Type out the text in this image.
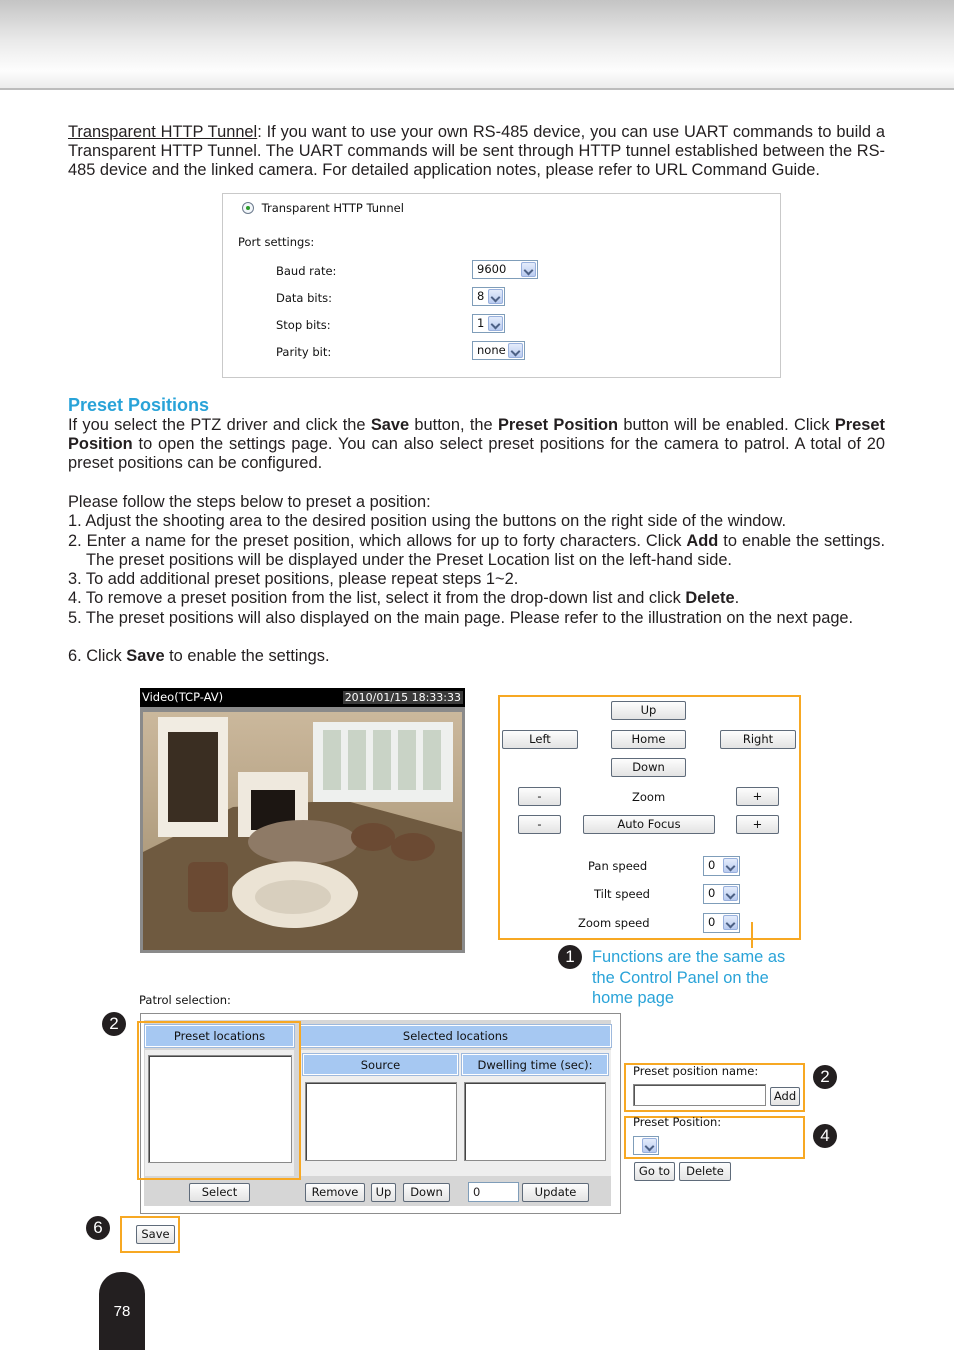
Transparent HTTP Tunnel: If you want to use your own RS-485 device, you can use UART commands to build a Transparent HTTP Tunnel. The UART commands will be sent through HTTP tunnel established between the RS-485 device and the linked camera. For detailed application notes, please refer to URL Command Guide.
Transparent HTTP Tunnel
Port settings:
Baud rate:	9600
Data bits:	8
Stop bits:	1
Parity bit:	none
Preset Positions
If you select the PTZ driver and click the Save button, the Preset Position button will be enabled. Click Preset Position to open the settings page. You can also select preset positions for the camera to patrol. A total of 20 preset positions can be configured.
Please follow the steps below to preset a position:
1. Adjust the shooting area to the desired position using the buttons on the right side of the window.
2. Enter a name for the preset position, which allows for up to forty characters. Click Add to enable the settings. The preset positions will be displayed under the Preset Location list on the left-hand side.
3. To add additional preset positions, please repeat steps 1~2.
4. To remove a preset position from the list, select it from the drop-down list and click Delete.
5. The preset positions will also displayed on the main page. Please refer to the illustration on the next page.
6. Click Save to enable the settings.
Video(TCP-AV)	2010/01/15 18:33:33
Up
Left	Home	Right
Down
-	Zoom	+
-	Auto Focus	+
Pan speed	0
Tilt speed	0
Zoom speed	0
1	Functions are the same as the Control Panel on the home page
Patrol selection:
Preset locations	Selected locations
Source	Dwelling time (sec):
Select	Remove	Up	Down	0	Update
2
Preset position name:
Add
2
Preset Position:
4
Go to	Delete
Save
6
78
